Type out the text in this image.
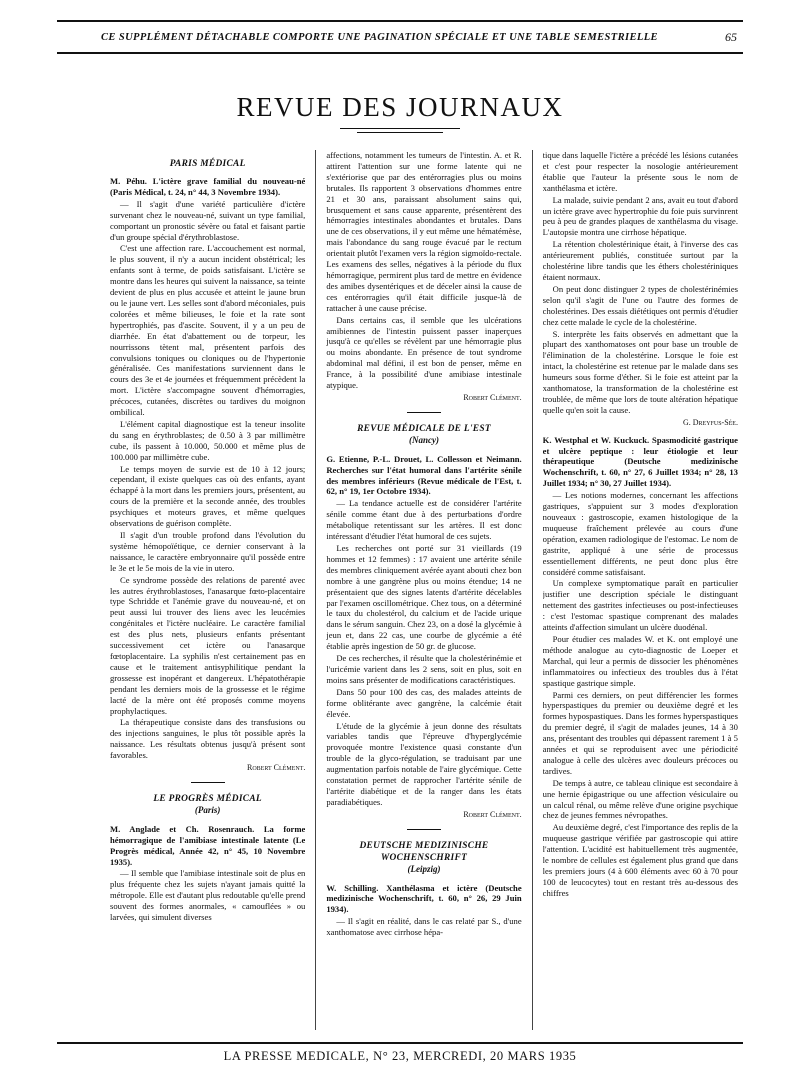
CE SUPPLÉMENT DÉTACHABLE COMPORTE UNE PAGINATION SPÉCIALE ET UNE TABLE SEMESTRIELLE	65
REVUE DES JOURNAUX
PARIS MÉDICAL

M. Péhu. L'ictère grave familial du nouveau-né (Paris Médical, t. 24, n° 44, 3 Novembre 1934).

— Il s'agit d'une variété particulière d'ictère survenant chez le nouveau-né, suivant un type familial, comportant un pronostic sévère ou fatal et faisant partie d'un groupe spécial d'érythroblastose.

C'est une affection rare. L'accouchement est normal, le plus souvent, il n'y a aucun incident obstétrical; les enfants sont à terme, de poids satisfaisant. L'ictère se montre dans les heures qui suivent la naissance, sa teinte devient de plus en plus accusée et atteint le jaune brun ou le jaune vert. Les selles sont d'abord méconiales, puis colorées et même bilieuses, le foie et la rate sont hypertrophiés, pas d'ascite. Souvent, il y a un peu de diarrhée. En état d'abattement ou de torpeur, les nourrissons tètent mal, présentent parfois des convulsions toniques ou cloniques ou de l'hypertonie généralisée. Ces manifestations surviennent dans le cours des 3e et 4e journées et fréquemment précèdent la mort. L'ictère s'accompagne souvent d'hémorragies, précoces, cutanées, discrètes ou tardives du moignon ombilical.

L'élément capital diagnostique est la teneur insolite du sang en érythroblastes; de 0.50 à 3 par millimètre cube, ils passent à 10.000, 50.000 et même plus de 100.000 par millimètre cube.

Le temps moyen de survie est de 10 à 12 jours; cependant, il existe quelques cas où des enfants, ayant échappé à la mort dans les premiers jours, présentent, au cours de la première et la seconde année, des troubles psychiques et moteurs graves, et même quelques observations de guérison complète.

Il s'agit d'un trouble profond dans l'évolution du système hémopoïétique, ce dernier conservant à la naissance, le caractère embryonnaire qu'il possède entre le 3e et le 5e mois de la vie in utero.

Ce syndrome possède des relations de parenté avec les autres érythroblastoses, l'anasarque fœto-placentaire type Schridde et l'anémie grave du nouveau-né, et on peut aussi lui trouver des liens avec les leucémies congénitales et l'ictère nucléaire. Le caractère familial est des plus nets, plusieurs enfants présentant successivement cet ictère ou l'anasarque fœtoplacentaire. La syphilis n'est certainement pas en cause et le traitement antisyphilitique pendant la grossesse est inopérant et dangereux. L'hépatothérapie pendant les derniers mois de la grossesse et le régime lacté de la mère ont été proposés comme moyens prophylactiques.

La thérapeutique consiste dans des transfusions ou des injections sanguines, le plus tôt possible après la naissance. Les résultats obtenus jusqu'à présent sont favorables.

Robert Clément.

LE PROGRÈS MÉDICAL
(Paris)

M. Anglade et Ch. Rosenrauch. La forme hémorragique de l'amibiase intestinale latente (Le Progrès médical, Année 42, n° 45, 10 Novembre 1935).

— Il semble que l'amibiase intestinale soit de plus en plus fréquente chez les sujets n'ayant jamais quitté la métropole. Elle est d'autant plus redoutable qu'elle prend souvent des formes anormales, « camouflées » ou larvées, qui simulent diverses

affections, notamment les tumeurs de l'intestin. A. et R. attirent l'attention sur une forme latente qui ne s'extériorise que par des entérorragies plus ou moins brutales. Ils rapportent 3 observations d'hommes entre 21 et 30 ans, paraissant absolument sains qui, brusquement et sans cause apparente, présentèrent des hémorragies intestinales abondantes et brutales. Dans une de ces observations, il y eut même une hématémèse, mais l'abondance du sang rouge évacué par le rectum orientait plutôt l'examen vers la région sigmoïdo-rectale. Les examens des selles, négatives à la période du flux hémorragique, permirent plus tard de mettre en évidence des amibes dysentériques et de déceler ainsi la cause de ces entérorragies qu'il était difficile jusque-là de rattacher à une cause précise.

Dans certains cas, il semble que les ulcérations amibiennes de l'intestin puissent passer inaperçues jusqu'à ce qu'elles se révèlent par une hémorragie plus ou moins abondante. En présence de tout syndrome abdominal mal défini, il est bon de penser, même en France, à la possibilité d'une amibiase intestinale atypique.

Robert Clément.

REVUE MÉDICALE DE L'EST
(Nancy)

G. Etienne, P.-L. Drouet, L. Collesson et Neimann. Recherches sur l'état humoral dans l'artérite sénile des membres inférieurs (Revue médicale de l'Est, t. 62, n° 19, 1er Octobre 1934).

— La tendance actuelle est de considérer l'artérite sénile comme étant due à des perturbations d'ordre métabolique retentissant sur les artères. Il est donc intéressant d'étudier l'état humoral de ces sujets.

Les recherches ont porté sur 31 vieillards (19 hommes et 12 femmes) : 17 avaient une artérite sénile des membres cliniquement avérée ayant abouti chez bon nombre à une gangrène plus ou moins étendue; 14 ne présentaient que des signes latents d'artérite décelables par l'examen oscillométrique. Chez tous, on a déterminé le taux du cholestérol, du calcium et de l'acide urique dans le sérum sanguin. Chez 23, on a dosé la glycémie à jeun et, dans 22 cas, une courbe de glycémie a été établie après ingestion de 50 gr. de glucose.

De ces recherches, il résulte que la cholestérinémie et l'uricémie varient dans les 2 sens, soit en plus, soit en moins sans présenter de modifications caractéristiques.

Dans 50 pour 100 des cas, des malades atteints de forme oblitérante avec gangrène, la calcémie était élevée.

L'étude de la glycémie à jeun donne des résultats variables tandis que l'épreuve d'hyperglycémie provoquée montre l'existence quasi constante d'un trouble de la glyco-régulation, se traduisant par une augmentation parfois notable de l'aire glycémique. Cette constatation permet de rapprocher l'artérite sénile de l'artérite diabétique et de la ranger dans les états paradiabétiques.

Robert Clément.

DEUTSCHE MEDIZINISCHE WOCHENSCHRIFT
(Leipzig)

W. Schilling. Xanthélasma et ictère (Deutsche medizinische Wochenschrift, t. 60, n° 26, 29 Juin 1934).

— Il s'agit en réalité, dans le cas relaté par S., d'une xanthomatose avec cirrhose hépa-

tique dans laquelle l'ictère a précédé les lésions cutanées et c'est pour respecter la nosologie antérieurement établie que l'auteur la présente sous le nom de xanthélasma et ictère.

La malade, suivie pendant 2 ans, avait eu tout d'abord un ictère grave avec hypertrophie du foie puis survinrent peu à peu de grandes plaques de xanthélasma du visage. L'autopsie montra une cirrhose hépatique.

La rétention cholestérinique était, à l'inverse des cas antérieurement publiés, constituée surtout par la cholestérine libre tandis que les éthers cholestériniques étaient normaux.

On peut donc distinguer 2 types de cholestérinémies selon qu'il s'agit de l'une ou l'autre des formes de cholestérines. Des essais diététiques ont permis d'étudier chez cette malade le cycle de la cholestérine.

S. interprète les faits observés en admettant que la plupart des xanthomatoses ont pour base un trouble de l'élimination de la cholestérine. Lorsque le foie est intact, la cholestérine est retenue par le malade dans ses humeurs sous forme d'éther. Si le foie est atteint par la xanthomatose, la transformation de la cholestérine est troublée, de même que lors de toute altération hépatique quelle qu'en soit la cause.

G. Dreyfus-Sée.

K. Westphal et W. Kuckuck. Spasmodicité gastrique et ulcère peptique : leur étiologie et leur thérapeutique (Deutsche medizinische Wochenschrift, t. 60, n° 27, 6 Juillet 1934; n° 28, 13 Juillet 1934; n° 30, 27 Juillet 1934).

— Les notions modernes, concernant les affections gastriques, s'appuient sur 3 modes d'exploration nouveaux : gastroscopie, examen histologique de la muqueuse fraîchement prélevée au cours d'une opération, examen radiologique de l'estomac. Le nom de gastrite, appliqué à une série de processus essentiellement différents, ne peut donc plus être considéré comme satisfaisant.

Un complexe symptomatique paraît en particulier justifier une description spéciale le distinguant nettement des gastrites infectieuses ou post-infectieuses : c'est l'estomac spastique comprenant des malades atteints d'affection simulant un ulcère duodénal.

Pour étudier ces malades W. et K. ont employé une méthode analogue au cyto-diagnostic de Loeper et Marchal, qui leur a permis de dissocier les phénomènes inflammatoires ou infectieux des troubles dus à l'état spastique gastrique simple.

Parmi ces derniers, on peut différencier les formes hyperspastiques du premier ou deuxième degré et les formes hypospastiques. Dans les formes hyperspastiques du premier degré, il s'agit de malades jeunes, 14 à 30 ans, présentant des troubles qui dépassent rarement 1 à 5 années et qui se reproduisent avec une périodicité analogue à celle des ulcères avec douleurs précoces ou tardives.

De temps à autre, ce tableau clinique est secondaire à une hernie épigastrique ou une affection vésiculaire ou un calcul rénal, ou même relève d'une origine psychique chez de jeunes femmes névropathes.

Au deuxième degré, c'est l'importance des replis de la muqueuse gastrique vérifiée par gastroscopie qui attire l'attention. L'acidité est habituellement très augmentée, le nombre de cellules est également plus grand que dans les premiers jours (4 à 600 éléments avec 60 à 70 pour 100 de leucocytes) tout en restant très au-dessous des chiffres

LA PRESSE MEDICALE, N° 23, MERCREDI, 20 MARS 1935
